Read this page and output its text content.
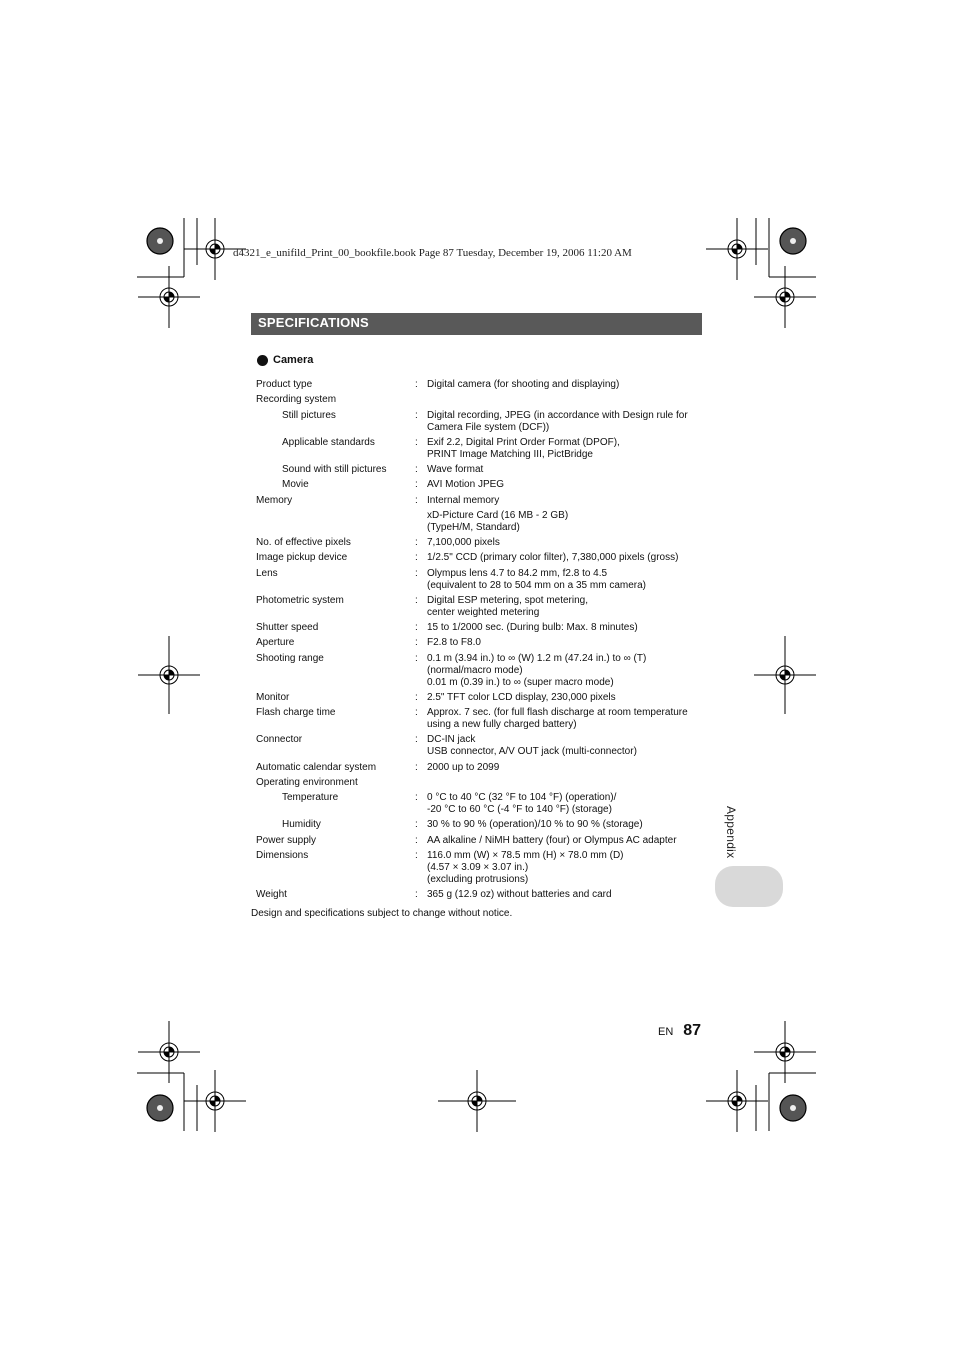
d4321_e_unifild_Print_00_bookfile.book Page 87 Tuesday, December 19, 2006 11:20 AM
SPECIFICATIONS
Camera
Product type	: Digital camera (for shooting and displaying)
Recording system
Still pictures	: Digital recording, JPEG (in accordance with Design rule for
Camera File system (DCF))
Applicable standards	: Exif 2.2, Digital Print Order Format (DPOF),
PRINT Image Matching III, PictBridge
Sound with still pictures	: Wave format
Movie	: AVI Motion JPEG
Memory	: Internal memory
xD-Picture Card (16 MB - 2 GB)
(TypeH/M, Standard)
No. of effective pixels	: 7,100,000 pixels
Image pickup device	: 1/2.5" CCD (primary color filter), 7,380,000 pixels (gross)
Lens	: Olympus lens 4.7 to 84.2 mm, f2.8 to 4.5
(equivalent to 28 to 504 mm on a 35 mm camera)
Photometric system	: Digital ESP metering, spot metering,
center weighted metering
Shutter speed	: 15 to 1/2000 sec. (During bulb: Max. 8 minutes)
Aperture	: F2.8 to F8.0
Shooting range	: 0.1 m (3.94 in.) to ∞ (W) 1.2 m (47.24 in.) to ∞ (T)
(normal/macro mode)
0.01 m (0.39 in.) to ∞ (super macro mode)
Monitor	: 2.5" TFT color LCD display, 230,000 pixels
Flash charge time	: Approx. 7 sec. (for full flash discharge at room temperature
using a new fully charged battery)
Connector	: DC-IN jack
USB connector, A/V OUT jack (multi-connector)
Automatic calendar system	: 2000 up to 2099
Operating environment
Temperature	: 0 °C to 40 °C (32 °F to 104 °F) (operation)/
-20 °C to 60 °C (-4 °F to 140 °F) (storage)
Humidity	: 30 % to 90 % (operation)/10 % to 90 % (storage)
Power supply	: AA alkaline / NiMH battery (four) or Olympus AC adapter
Dimensions	: 116.0 mm (W) × 78.5 mm (H) × 78.0 mm (D)
(4.57 × 3.09 × 3.07 in.)
(excluding protrusions)
Weight	: 365 g (12.9 oz) without batteries and card
Design and specifications subject to change without notice.
Appendix
EN 87
